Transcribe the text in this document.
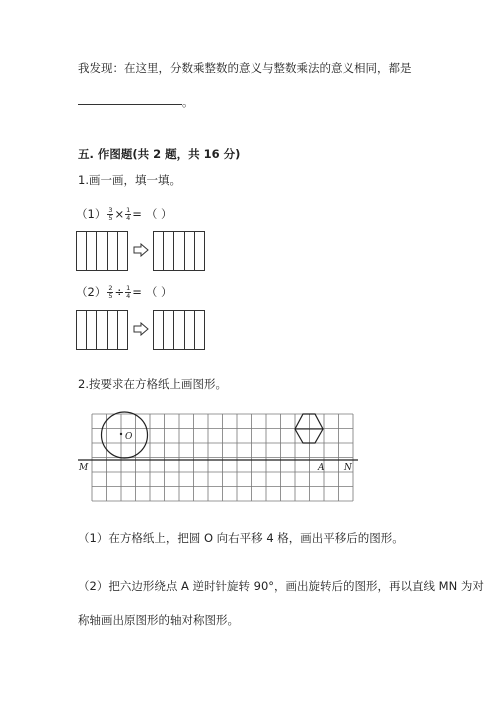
我发现：在这里，分数乘整数的意义与整数乘法的意义相同，都是
。
五. 作图题(共 2 题，共 16 分)
1.画一画，填一填。
$(1) \frac{3}{5} \times \frac{1}{4}$ = （ ）
$(2) \frac{2}{5} \div \frac{1}{4}$ = （ ）
2.按要求在方格纸上画图形。
O
M	A N
（1）在方格纸上，把圆 O 向右平移 4 格，画出平移后的图形。
（2）把六边形绕点 A 逆时针旋转 90°，画出旋转后的图形，再以直线 MN 为对
称轴画出原图形的轴对称图形。
